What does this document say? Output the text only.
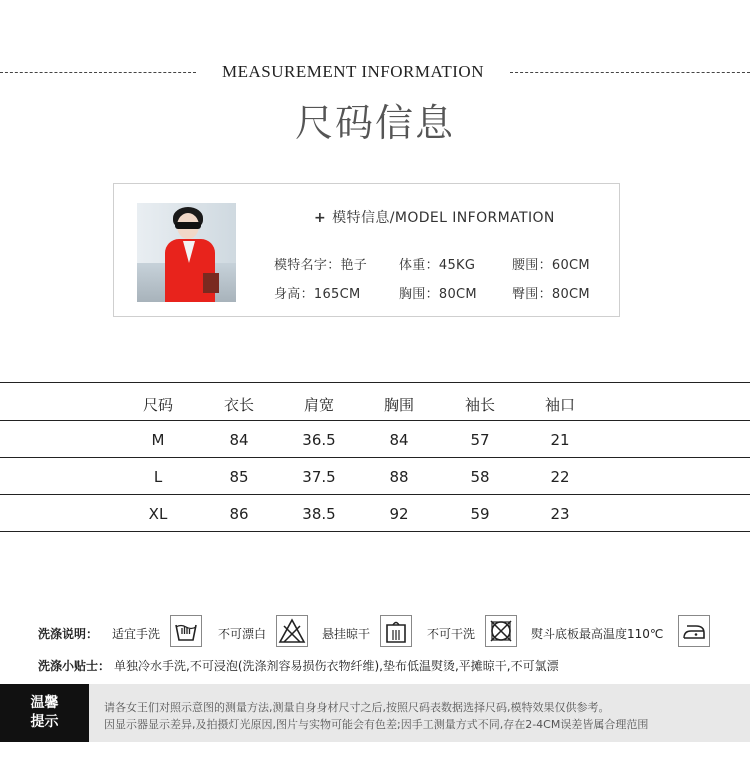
MEASUREMENT INFORMATION
尺码信息
+ 模特信息/MODEL INFORMATION
模特名字：艳子 体重：45KG	腰围：60CM
身高：165CM	胸围：80CM	臀围：80CM
尺码	衣长	肩宽	胸围	袖长	袖口
M	84	36.5	84	57	21
L	85	37.5	88	58	22
XL	86	38.5	92	59	23
洗涤说明： 适宜手洗	不可漂白	悬挂晾干	不可干洗	熨斗底板最高温度110℃
洗涤小贴士： 单独冷水手洗,不可浸泡(洗涤剂容易损伤衣物纤维),垫布低温熨烫,平摊晾干,不可氯漂
温馨
提示
请各女王们对照示意图的测量方法,测量自身身材尺寸之后,按照尺码表数据选择尺码,模特效果仅供参考。
因显示器显示差异,及拍摄灯光原因,图片与实物可能会有色差;因手工测量方式不同,存在2-4CM误差皆属合理范围
